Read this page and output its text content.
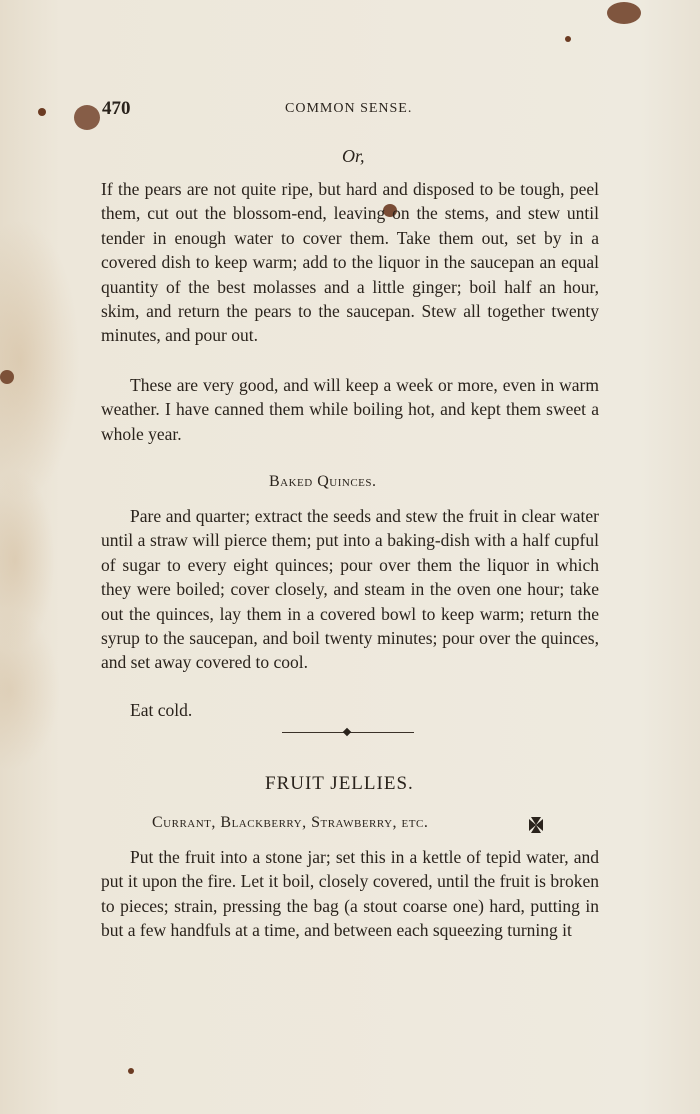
470	COMMON SENSE.
Or,
If the pears are not quite ripe, but hard and disposed to be tough, peel them, cut out the blossom-end, leaving on the stems, and stew until tender in enough water to cover them. Take them out, set by in a covered dish to keep warm; add to the liquor in the saucepan an equal quantity of the best molasses and a little ginger; boil half an hour, skim, and return the pears to the saucepan. Stew all together twenty minutes, and pour out.
These are very good, and will keep a week or more, even in warm weather. I have canned them while boiling hot, and kept them sweet a whole year.
Baked Quinces.
Pare and quarter; extract the seeds and stew the fruit in clear water until a straw will pierce them; put into a baking-dish with a half cupful of sugar to every eight quinces; pour over them the liquor in which they were boiled; cover closely, and steam in the oven one hour; take out the quinces, lay them in a covered bowl to keep warm; return the syrup to the saucepan, and boil twenty minutes; pour over the quinces, and set away covered to cool.
Eat cold.
FRUIT JELLIES.
Currant, Blackberry, Strawberry, etc.
Put the fruit into a stone jar; set this in a kettle of tepid water, and put it upon the fire. Let it boil, closely covered, until the fruit is broken to pieces; strain, pressing the bag (a stout coarse one) hard, putting in but a few handfuls at a time, and between each squeezing turning it
